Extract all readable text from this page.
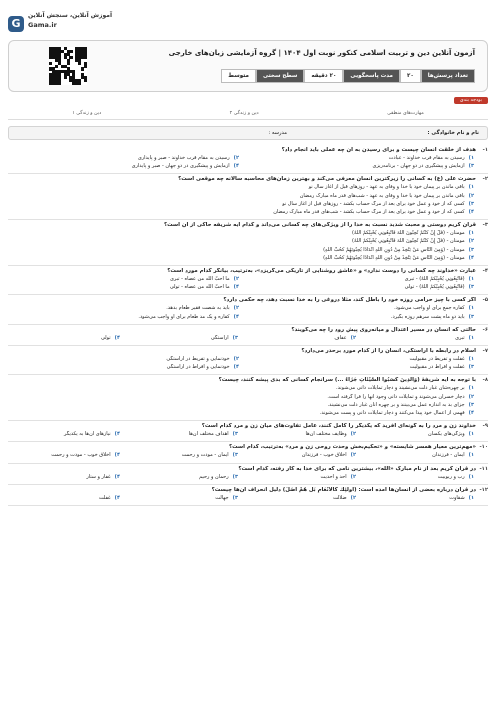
G
آموزش آنلاین، سنجش آنلاین
Gama.ir
آزمون آنلاین دین و تربیت اسلامی کنکور نوبت اول ۱۴۰۴ | گروه آزمایشی زبان‌های خارجی
تعداد پرسش‌ها
۲۰
مدت پاسخگویی
۲۰ دقیقه
سطح سختی
متوسط
بودجه بندی
مهارت‌های منطقی
دین و زندگی ۲
دین و زندگی ۱
نام و نام خانوادگی :
مدرسه :
۱-
هدف از خلقت انسان چیست و برای رسیدن به آن چه عملی باید انجام داد؟
۱)رسیدن به مقام قرب خداوند - عبادت
۲)رسیدن به مقام قرب خداوند - صبر و پایداری
۳)آزمایش و پیشگیری در دو جهان - برنامه‌ریزی
۴)آزمایش و پیشگیری در دو جهان - صبر و پایداری
۲-
حضرت علی (ع) به کسانی را زیرکترین انسان معرفی می‌کند و بهترین زمان‌های محاسبه سالانه چه موقعی است؟
۱)باقی ماندن بر پیمان خود با خدا و وفای به عهد - روزهای قبل از آغاز سال نو
۲)باقی ماندن بر پیمان خود با خدا و وفای به عهد - شب‌های قدر ماه مبارک رمضان
۳)کسی که از خود و عمل خود برای بعد از مرگ حساب بکشد - روزهای قبل از آغاز سال نو
۴)کسی که از خود و عمل خود برای بعد از مرگ حساب بکشد - شب‌های قدر ماه مبارک رمضان
۳-
قرآن کریم دوستی و محبت شدید نسبت به خدا را از ویژگی‌های چه کسانی می‌داند و کدام آیه شریفه حاکی از آن است؟
۱)مومنان - (قُلْ إِنْ كُنْتُمْ تُحِبُّونَ اللَّهَ فَاتَّبِعُونِي يُحْبِبْكُمُ اللَّهُ)
۲)مومنان - (قُلْ إِنْ كُنْتُمْ تُحِبُّونَ اللَّهَ فَاتَّبِعُونِي يُحْبِبْكُمُ اللَّهُ)
۳)مومنان - (وَمِنَ النَّاسِ مَنْ يَتَّخِذُ مِنْ دُونِ اللَّهِ أَنْدَادًا يُحِبُّونَهُمْ كَحُبِّ اللَّهِ)
۴)مومنان - (وَمِنَ النَّاسِ مَنْ يَتَّخِذُ مِنْ دُونِ اللَّهِ أَنْدَادًا يُحِبُّونَهُمْ كَحُبِّ اللَّهِ)
۴-
عبارت «خداوند چه کسانی را دوست ندارد» و «عاشق روشنایی از تاریکی می‌گریزد»، به‌ترتیب، بیانگر کدام مورد است؟
۱)(فَاتَّبِعُونِي يُحْبِبْكُمُ اللَّهُ) - تبری
۲)ما احبّ الله من عصاه - تبری
۳)(فَاتَّبِعُونِي يُحْبِبْكُمُ اللَّهُ) - تولی
۴)ما احبّ الله من عصاه - تولی
۵-
اگر کسی با چیز حرامی روزه خود را باطل کند، مثلاً دروغی را به خدا نسبت دهد، چه حکمی دارد؟
۱)کفاره جمع برای او واجب می‌شود.
۲)باید به شصت فقیر طعام بدهد.
۳)باید دو ماه پشت سرهم روزه بگیرد.
۴)کفاره و یک مد طعام برای او واجب می‌شود.
۶-
حالتی که انسان در مسیر اعتدال و میانه‌روی پیش رود را چه می‌گویند؟
۱)تبری
۲)عفاف
۳)آراستگی
۴)تولی
۷-
اسلام در رابطه با آراستگی، انسان را از کدام مورد برحذر می‌دارد؟
۱)غفلت و تفریط در مقبولیت
۲)خودنمایی و تفریط در آراستگی
۳)غفلت و افراط در مقبولیت
۴)خودنمایی و افراط در آراستگی
۸-
با توجه به آیه شریفهٔ (وَالَّذِينَ كَسَبُوا السَّيِّئَاتِ جَزَاءُ ...) سرانجام کسانی که بدی پیشه کنند، چیست؟
۱)بر چهره‌شان غبار ذلت می‌نشیند و دچار تمایلات دانی می‌شوند.
۲)دچار خسران می‌شوند و تمایلات دانی وجود آنها را فرا گرفته است.
۳)جزای بد به اندازه عمل می‌بینند و بر چهره آنان غبار ذلت می‌نشیند.
۴)فهمی از اعمال خود پیدا می‌کنند و دچار تمایلات دانی و پست می‌شوند.
۹-
خداوند زن و مرد را به گونه‌ای آفرید که یکدیگر را کامل کنند، عامل تفاوت‌های میان زن و مرد کدام است؟
۱)ویژگی‌های یکسان
۲)وظایف مختلف آن‌ها
۳)اهداف مختلف آن‌ها
۴)نیازهای آن‌ها به یکدیگر
۱۰-
«مهم‌ترین معیار همسر شایسته» و «تحکیم‌بخش وحدت روحی زن و مرد» به‌ترتیب، کدام است؟
۱)ایمان - فرزندان
۲)اخلاق خوب - فرزندان
۳)ایمان - مودت و رحمت
۴)اخلاق خوب - مودت و رحمت
۱۱-
در قرآن کریم بعد از نام مبارک «الله»، بیشترین نامی که برای خدا به کار رفته، کدام است؟
۱)رب و ربوبیت
۲)احد و احدیت
۳)رحمان و رحیم
۴)غفار و ستار
۱۲-
در قرآن درباره بعضی از انسان‌ها آمده است: (أُولَٰئِكَ كَالْأَنْعَامِ بَلْ هُمْ أَضَلُّ) دلیل انحراف آن‌ها چیست؟
۱)شقاوت
۲)ضلالت
۳)جهالت
۴)غفلت
